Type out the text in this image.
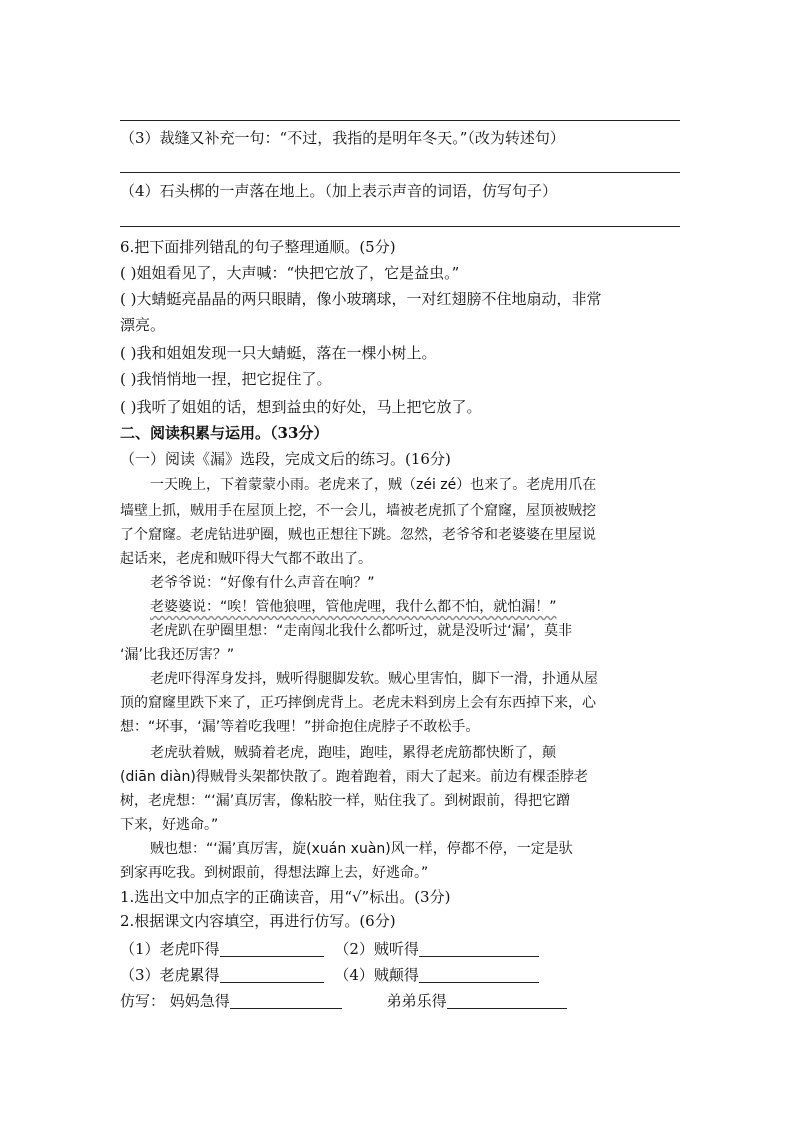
（3）裁缝又补充一句：“不过，我指的是明年冬天。”（改为转述句）
（4）石头梆的一声落在地上。（加上表示声音的词语，仿写句子）
6.把下面排列错乱的句子整理通顺。(5分)
( )姐姐看见了，大声喊：“快把它放了，它是益虫。”
( )大蜻蜓亮晶晶的两只眼睛，像小玻璃球，一对红翅膀不住地扇动，非常
漂亮。
( )我和姐姐发现一只大蜻蜓，落在一棵小树上。
( )我悄悄地一捏，把它捉住了。
( )我听了姐姐的话，想到益虫的好处，马上把它放了。
二、阅读积累与运用。（33分）
（一）阅读《漏》选段，完成文后的练习。(16分)
一天晚上，下着蒙蒙小雨。老虎来了，贼（zéi zé）也来了。老虎用爪在
墙壁上抓，贼用手在屋顶上挖，不一会儿，墙被老虎抓了个窟窿，屋顶被贼挖
了个窟窿。老虎钻进驴圈，贼也正想往下跳。忽然，老爷爷和老婆婆在里屋说
起话来，老虎和贼吓得大气都不敢出了。
老爷爷说：“好像有什么声音在响？”
老婆婆说：“唉！管他狼哩，管他虎哩，我什么都不怕，就怕漏！”
老虎趴在驴圈里想：“走南闯北我什么都听过，就是没听过‘漏’，莫非
‘漏’比我还厉害？”
老虎吓得浑身发抖，贼听得腿脚发软。贼心里害怕，脚下一滑，扑通从屋
顶的窟窿里跌下来了，正巧摔倒虎背上。老虎未料到房上会有东西掉下来，心
想：“坏事，‘漏’等着吃我哩！”拼命抱住虎脖子不敢松手。
老虎驮着贼，贼骑着老虎，跑哇，跑哇，累得老虎筋都快断了，颠
(diān diàn)得贼骨头架都快散了。跑着跑着，雨大了起来。前边有棵歪脖老
树，老虎想：“‘漏’真厉害，像粘胶一样，贴住我了。到树跟前，得把它蹭
下来，好逃命。”
贼也想：“‘漏’真厉害，旋(xuán xuàn)风一样，停都不停，一定是驮
到家再吃我。到树跟前，得想法蹿上去，好逃命。”
1.选出文中加点字的正确读音，用“√”标出。(3分)
2.根据课文内容填空，再进行仿写。(6分)
（1）老虎吓得	（2）贼听得
（3）老虎累得	（4）贼颠得
仿写： 妈妈急得	弟弟乐得
